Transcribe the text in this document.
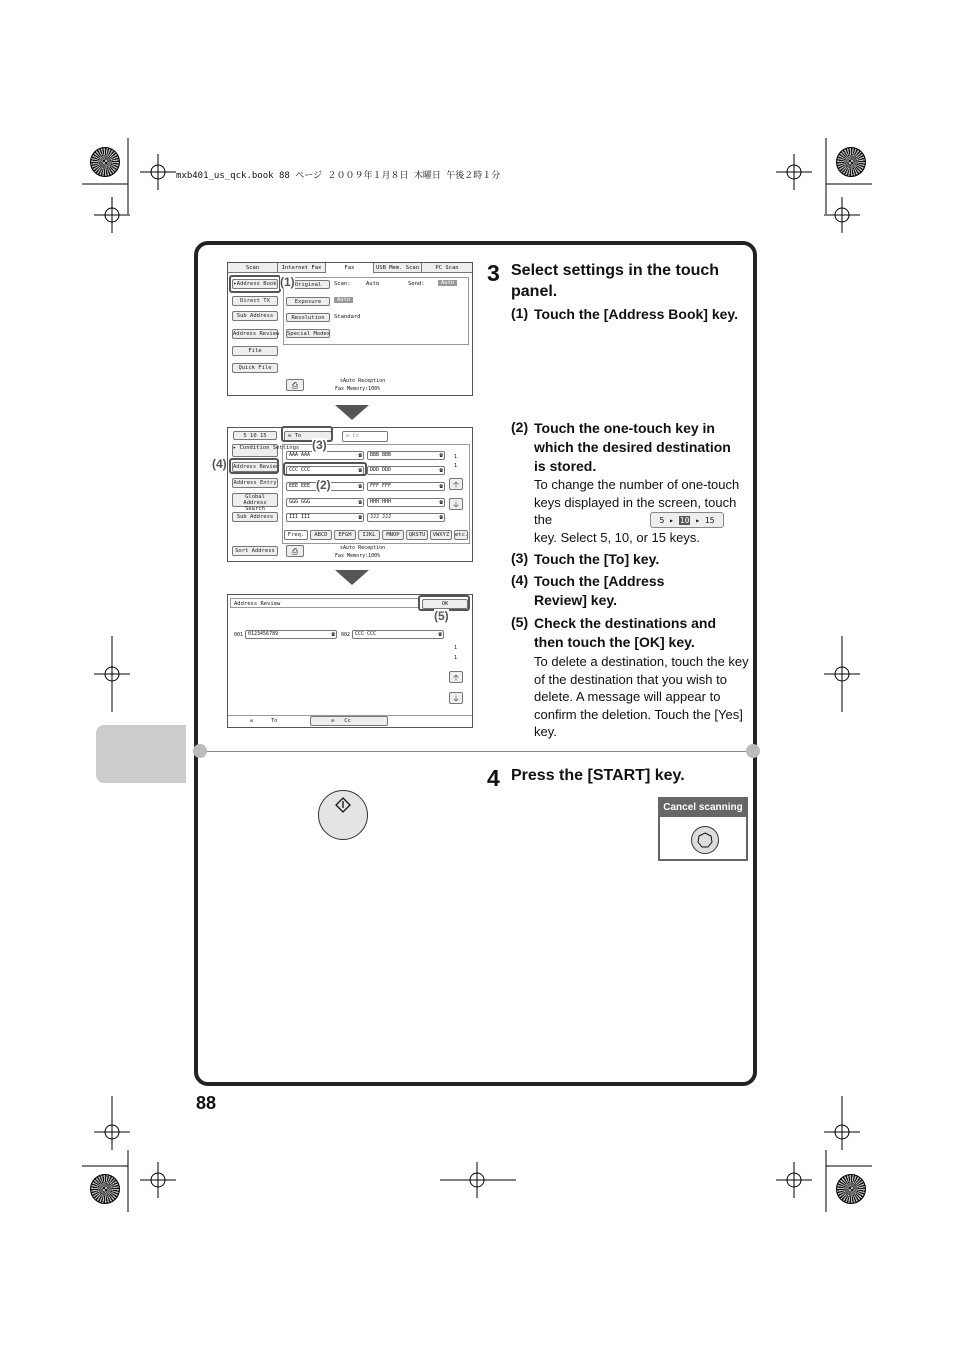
mxb401_us_qck.book 88 ページ ２００９年１月８日 木曜日 午後２時１分
Scan	Internet Fax	Fax	USB Mem. Scan	PC Scan
▸Address Book
Direct TX
Sub Address
Address Review
File
Quick File
Original	Scan:	Auto	Send:	Auto
Exposure	Auto
Resolution	Standard
Special Modes
⎙	✆Auto Reception
Fax Memory:100%
(1)
5 10 15
▸ Condition Settings
Address Review
Address Entry
Global Address Search
Sub Address
Sort Address
✉ To	✉ Cc
AAA AAA ☎	BBB BBB ☎
CCC CCC ☎	DDD DDD ☎
EEE EEE ☎	FFF FFF ☎
GGG GGG ☎	HHH HHH ☎
III III ☎	JJJ JJJ ☎
1
1
🡡
🡣
Freq.	ABCD	EFGH	IJKL	MNOP	QRSTU	VWXYZ	etc.
⎙	✆Auto Reception
Fax Memory:100%
(3)
(4)
(2)
Address Review	OK
001 0123456789 ☎	002 CCC CCC ☎
1
1
🡡
🡣
✉	To	✉ Cc
(5)
3 Select settings in the touch panel.
(1) Touch the [Address Book] key.
(2) Touch the one-touch key in which the desired destination is stored.
To change the number of one-touch keys displayed in the screen, touch the	5 ▸ 10 ▸ 15
key. Select 5, 10, or 15 keys.
(3) Touch the [To] key.
(4) Touch the [Address Review] key.
(5) Check the destinations and then touch the [OK] key.
To delete a destination, touch the key of the destination that you wish to delete. A message will appear to confirm the deletion. Touch the [Yes] key.
4 Press the [START] key.
Cancel scanning
88
